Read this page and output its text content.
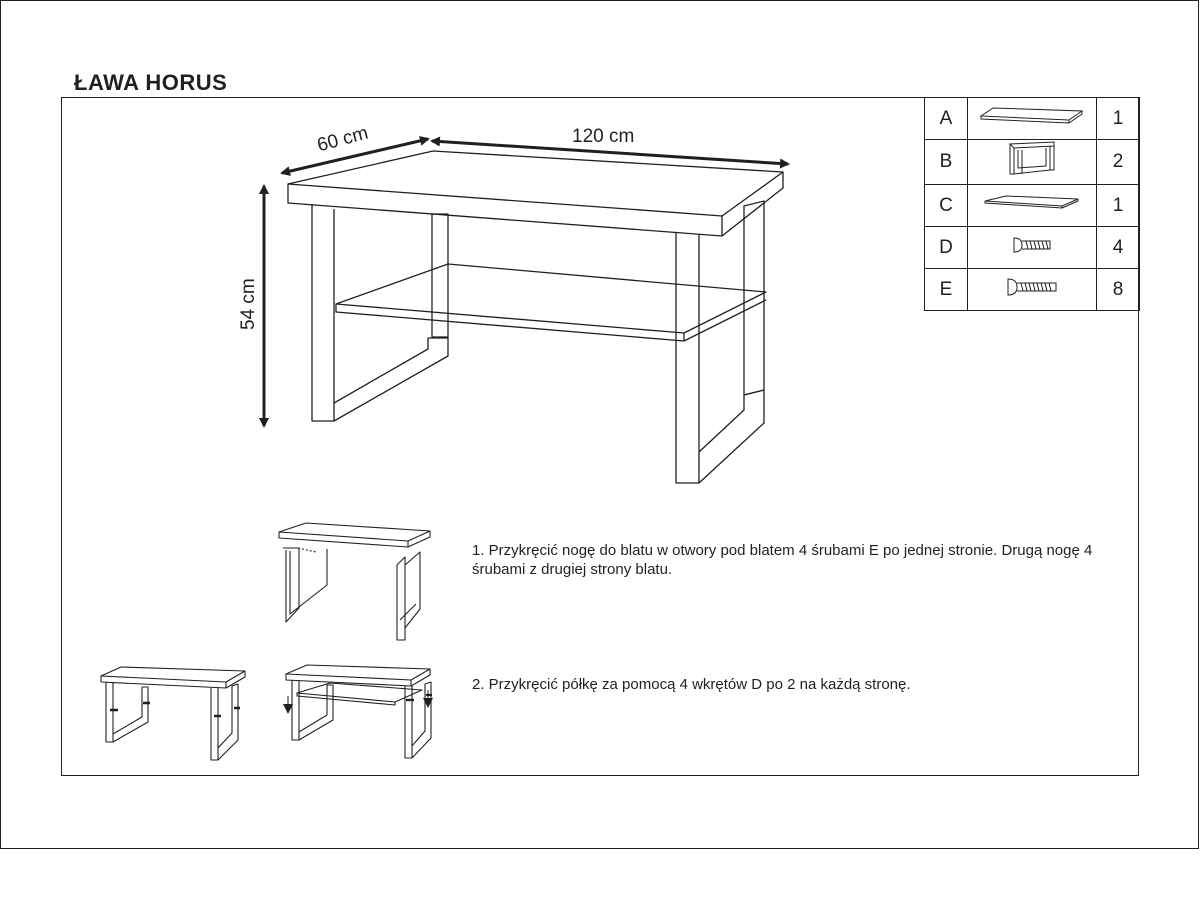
ŁAWA HORUS
60 cm	120 cm
54 cm
A		1
B		2
C		1
D		4
E		8
1. Przykręcić nogę do blatu w otwory pod blatem 4 śrubami E po jednej stronie. Drugą nogę 4 śrubami z drugiej strony blatu.
2. Przykręcić półkę za pomocą 4 wkrętów D po 2 na każdą stronę.
